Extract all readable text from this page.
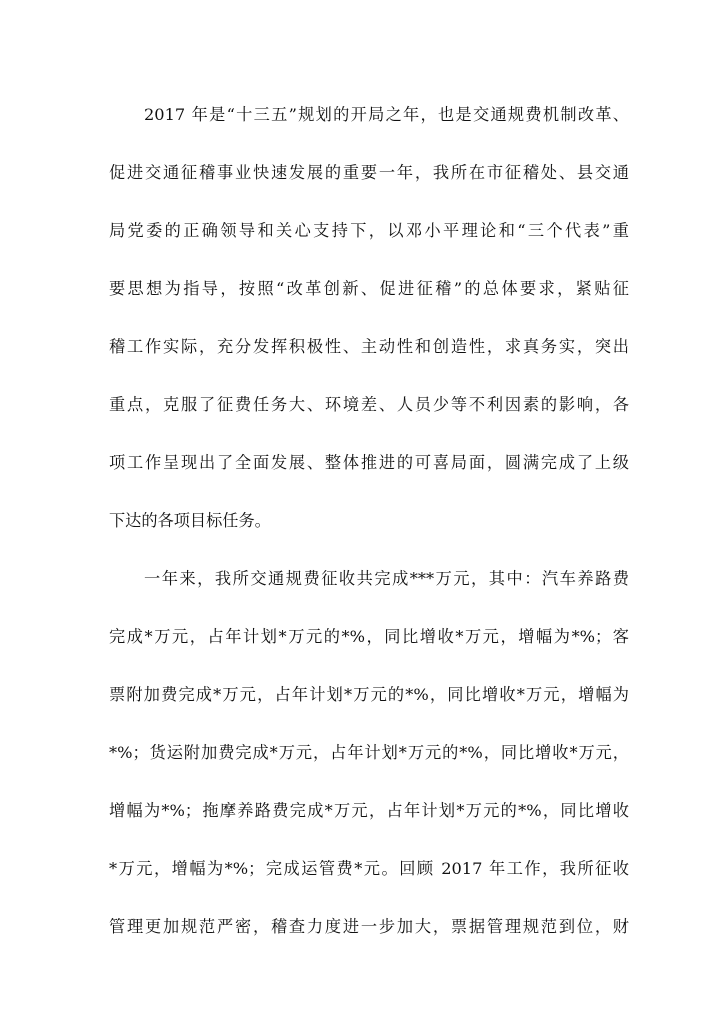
2017 年是“十三五”规划的开局之年，也是交通规费机制改革、
促进交通征稽事业快速发展的重要一年，我所在市征稽处、县交通
局党委的正确领导和关心支持下，以邓小平理论和“三个代表”重
要思想为指导，按照“改革创新、促进征稽”的总体要求，紧贴征
稽工作实际，充分发挥积极性、主动性和创造性，求真务实，突出
重点，克服了征费任务大、环境差、人员少等不利因素的影响，各
项工作呈现出了全面发展、整体推进的可喜局面，圆满完成了上级
下达的各项目标任务。
一年来，我所交通规费征收共完成***万元，其中：汽车养路费
完成*万元，占年计划*万元的*%，同比增收*万元，增幅为*%；客
票附加费完成*万元，占年计划*万元的*%，同比增收*万元，增幅为
*%；货运附加费完成*万元，占年计划*万元的*%，同比增收*万元，
增幅为*%；拖摩养路费完成*万元，占年计划*万元的*%，同比增收
*万元，增幅为*%；完成运管费*元。回顾 2017 年工作，我所征收
管理更加规范严密，稽查力度进一步加大，票据管理规范到位，财
